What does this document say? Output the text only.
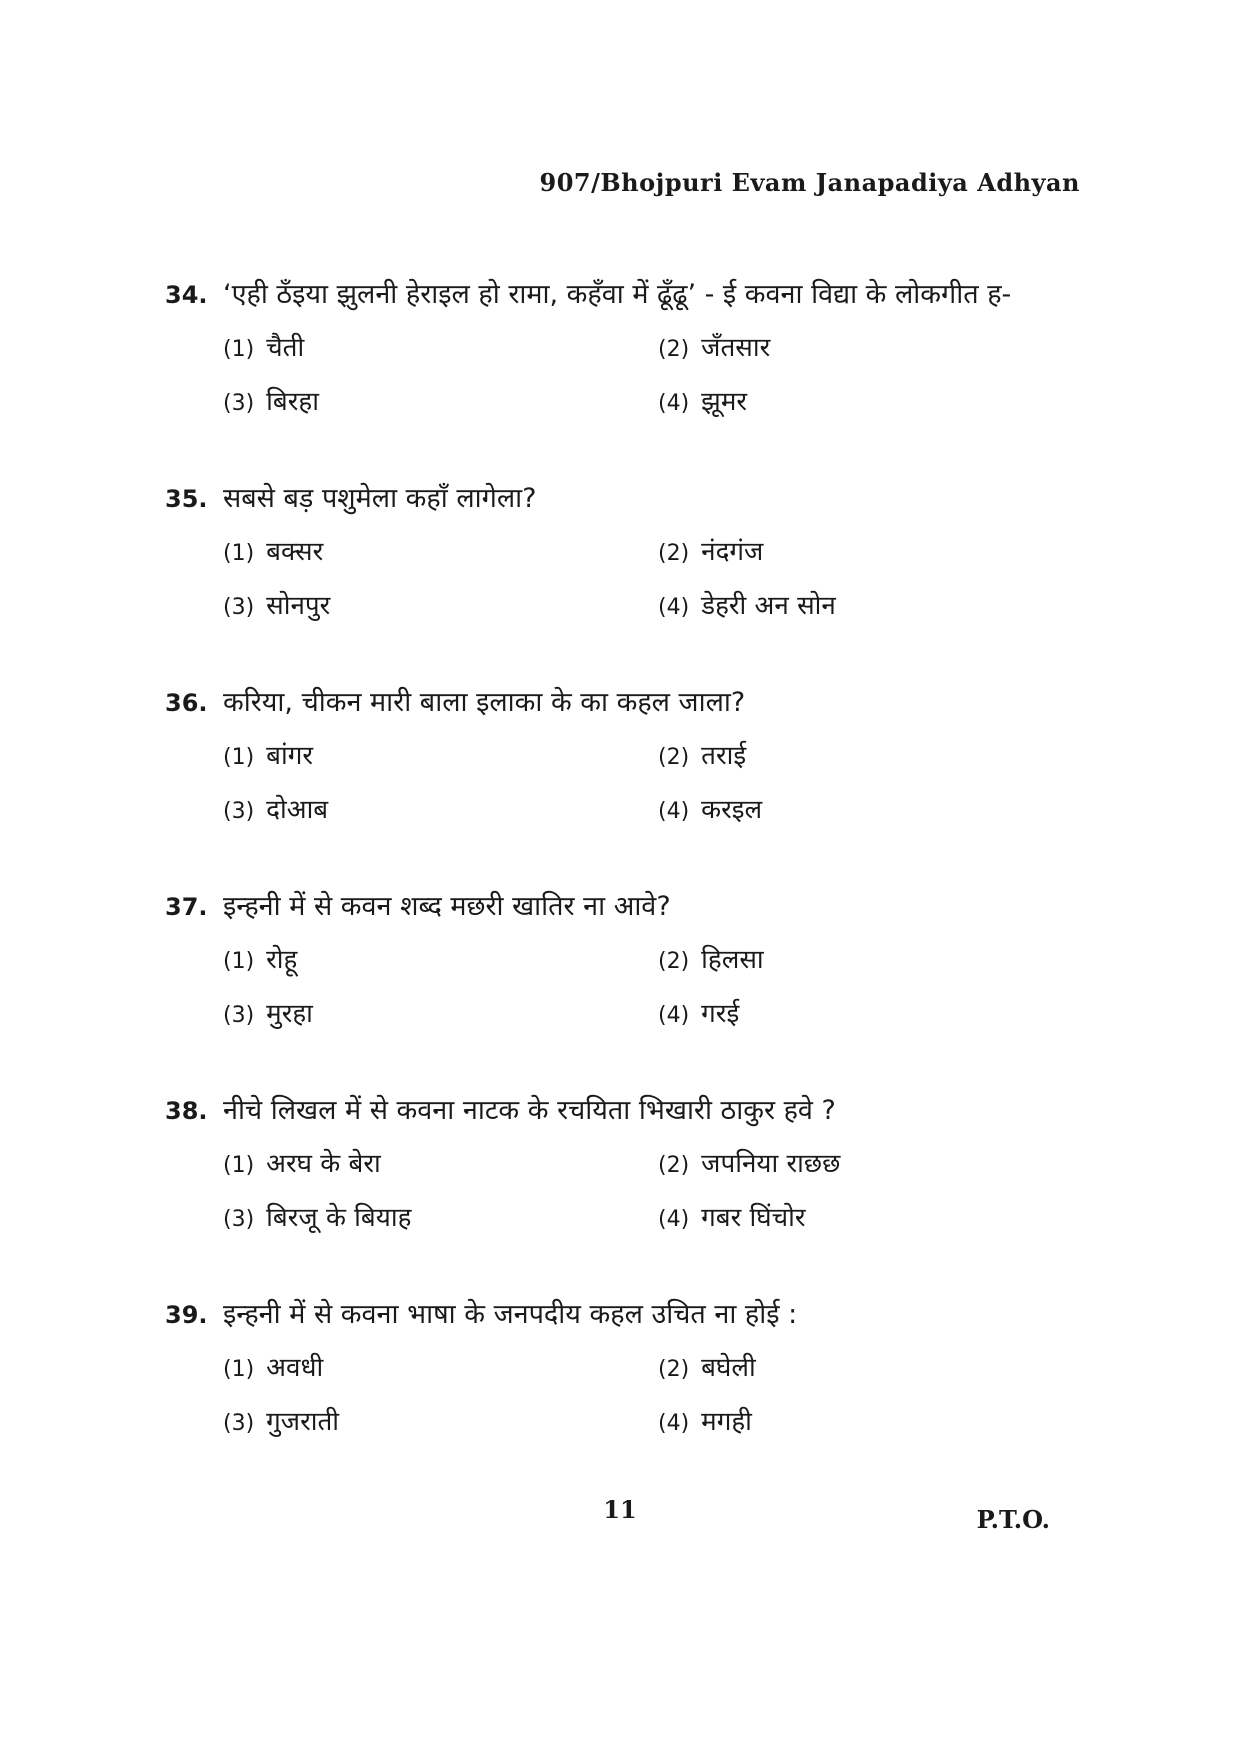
907/Bhojpuri Evam Janapadiya Adhyan
34. ‘एही ठँइया झुलनी हेराइल हो रामा, कहँवा में ढूँढू’ - ई कवना विद्या के लोकगीत ह-
(1) चैती	(2) जँतसार
(3) बिरहा	(4) झूमर
35. सबसे बड़ पशुमेला कहाँ लागेला?
(1) बक्सर	(2) नंदगंज
(3) सोनपुर	(4) डेहरी अन सोन
36. करिया, चीकन मारी बाला इलाका के का कहल जाला?
(1) बांगर	(2) तराई
(3) दोआब	(4) करइल
37. इन्हनी में से कवन शब्द मछरी खातिर ना आवे?
(1) रोहू	(2) हिलसा
(3) मुरहा	(4) गरई
38. नीचे लिखल में से कवना नाटक के रचयिता भिखारी ठाकुर हवे ?
(1) अरघ के बेरा	(2) जपनिया राछछ
(3) बिरजू के बियाह	(4) गबर घिंचोर
39. इन्हनी में से कवना भाषा के जनपदीय कहल उचित ना होई :
(1) अवधी	(2) बघेली
(3) गुजराती	(4) मगही
11	P.T.O.
